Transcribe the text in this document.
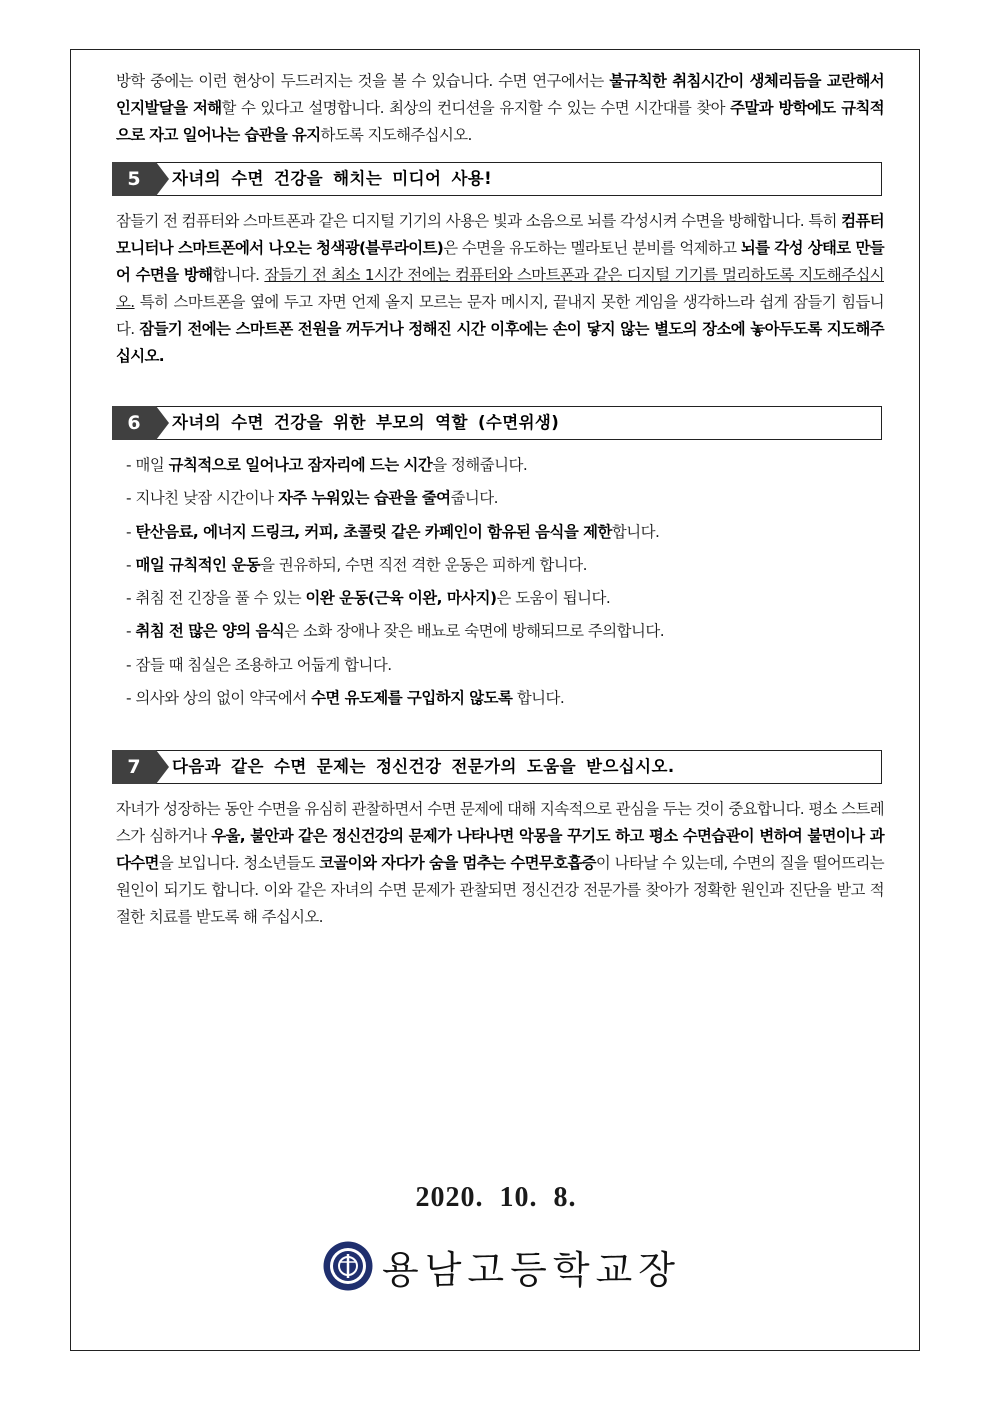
방학 중에는 이런 현상이 두드러지는 것을 볼 수 있습니다. 수면 연구에서는 불규칙한 취침시간이 생체리듬을 교란해서 인지발달을 저해할 수 있다고 설명합니다. 최상의 컨디션을 유지할 수 있는 수면 시간대를 찾아 주말과 방학에도 규칙적으로 자고 일어나는 습관을 유지하도록 지도해주십시오.

5	자녀의 수면 건강을 해치는 미디어 사용!

잠들기 전 컴퓨터와 스마트폰과 같은 디지털 기기의 사용은 빛과 소음으로 뇌를 각성시켜 수면을 방해합니다. 특히 컴퓨터 모니터나 스마트폰에서 나오는 청색광(블루라이트)은 수면을 유도하는 멜라토닌 분비를 억제하고 뇌를 각성 상태로 만들어 수면을 방해합니다. 잠들기 전 최소 1시간 전에는 컴퓨터와 스마트폰과 같은 디지털 기기를 멀리하도록 지도해주십시오. 특히 스마트폰을 옆에 두고 자면 언제 올지 모르는 문자 메시지, 끝내지 못한 게임을 생각하느라 쉽게 잠들기 힘듭니다. 잠들기 전에는 스마트폰 전원을 꺼두거나 정해진 시간 이후에는 손이 닿지 않는 별도의 장소에 놓아두도록 지도해주십시오.

6	자녀의 수면 건강을 위한 부모의 역할 (수면위생)
- 매일 규칙적으로 일어나고 잠자리에 드는 시간을 정해줍니다.
- 지나친 낮잠 시간이나 자주 누워있는 습관을 줄여줍니다.
- 탄산음료, 에너지 드링크, 커피, 초콜릿 같은 카페인이 함유된 음식을 제한합니다.
- 매일 규칙적인 운동을 권유하되, 수면 직전 격한 운동은 피하게 합니다.
- 취침 전 긴장을 풀 수 있는 이완 운동(근육 이완, 마사지)은 도움이 됩니다.
- 취침 전 많은 양의 음식은 소화 장애나 잦은 배뇨로 숙면에 방해되므로 주의합니다.
- 잠들 때 침실은 조용하고 어둡게 합니다.
- 의사와 상의 없이 약국에서 수면 유도제를 구입하지 않도록 합니다.
7	다음과 같은 수면 문제는 정신건강 전문가의 도움을 받으십시오.

자녀가 성장하는 동안 수면을 유심히 관찰하면서 수면 문제에 대해 지속적으로 관심을 두는 것이 중요합니다. 평소 스트레스가 심하거나 우울, 불안과 같은 정신건강의 문제가 나타나면 악몽을 꾸기도 하고 평소 수면습관이 변하여 불면이나 과다수면을 보입니다. 청소년들도 코골이와 자다가 숨을 멈추는 수면무호흡증이 나타날 수 있는데, 수면의 질을 떨어뜨리는 원인이 되기도 합니다. 이와 같은 자녀의 수면 문제가 관찰되면 정신건강 전문가를 찾아가 정확한 원인과 진단을 받고 적절한 치료를 받도록 해 주십시오.

2020. 10. 8.
용남고등학교장
